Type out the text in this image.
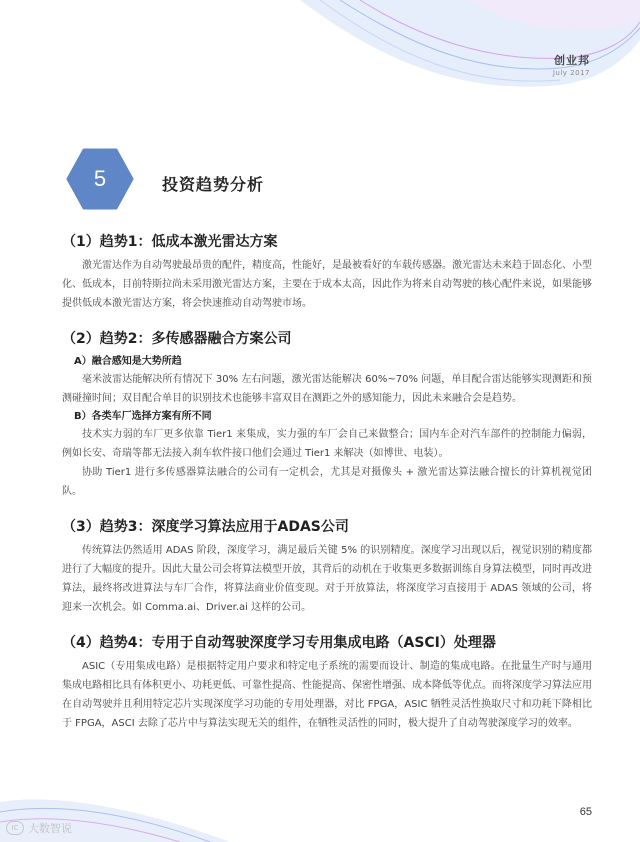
创业邦
July 2017
5	投资趋势分析
（1）趋势1：低成本激光雷达方案

激光雷达作为自动驾驶最昂贵的配件，精度高，性能好，是最被看好的车载传感器。激光雷达未来趋于固态化、小型化、低成本，目前特斯拉尚未采用激光雷达方案，主要在于成本太高，因此作为将来自动驾驶的核心配件来说，如果能够提供低成本激光雷达方案，将会快速推动自动驾驶市场。

（2）趋势2：多传感器融合方案公司
A）融合感知是大势所趋

毫米波雷达能解决所有情况下 30% 左右问题，激光雷达能解决 60%~70% 问题，单目配合雷达能够实现测距和预测碰撞时间；双目配合单目的识别技术也能够丰富双目在测距之外的感知能力，因此未来融合会是趋势。

B）各类车厂选择方案有所不同

技术实力弱的车厂更多依靠 Tier1 来集成，实力强的车厂会自己来做整合；国内车企对汽车部件的控制能力偏弱，例如长安、奇瑞等都无法接入刹车软件接口他们会通过 Tier1 来解决（如博世、电装）。

协助 Tier1 进行多传感器算法融合的公司有一定机会，尤其是对摄像头 + 激光雷达算法融合擅长的计算机视觉团队。

（3）趋势3：深度学习算法应用于ADAS公司

传统算法仍然适用 ADAS 阶段，深度学习，满足最后关键 5% 的识别精度。深度学习出现以后，视觉识别的精度都进行了大幅度的提升。因此大量公司会将算法模型开放，其背后的动机在于收集更多数据训练自身算法模型，同时再改进算法，最终将改进算法与车厂合作，将算法商业价值变现。对于开放算法，将深度学习直接用于 ADAS 领域的公司，将迎来一次机会。如 Comma.ai、Driver.ai 这样的公司。

（4）趋势4：专用于自动驾驶深度学习专用集成电路（ASCI）处理器

ASIC（专用集成电路）是根据特定用户要求和特定电子系统的需要而设计、制造的集成电路。在批量生产时与通用集成电路相比具有体积更小、功耗更低、可靠性提高、性能提高、保密性增强、成本降低等优点。而将深度学习算法应用在自动驾驶并且利用特定芯片实现深度学习功能的专用处理器，对比 FPGA，ASIC 牺牲灵活性换取尺寸和功耗下降相比于 FPGA，ASCI 去除了芯片中与算法实现无关的组件，在牺牲灵活性的同时，极大提升了自动驾驶深度学习的效率。

65
IC 大数智说
